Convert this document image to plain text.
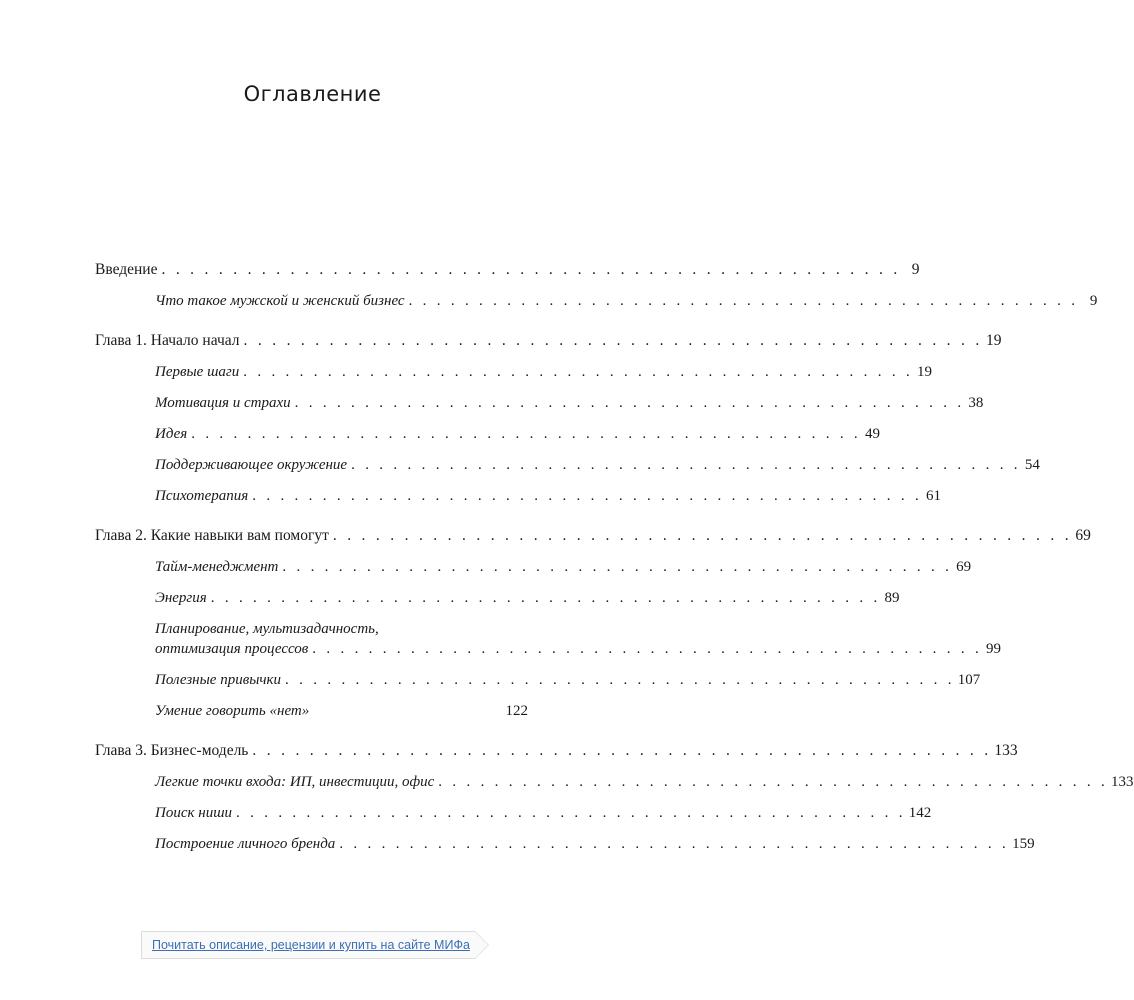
Оглавление
Введение . . . . . . . . . . . . . . . . . . . . . . . . . . . . . . . . . . . . . . . . . . . . . . . . . . . . 9
Что такое мужской и женский бизнес . . . . . . . . . . . . . . . . . . . . . . . . . . . . . . . . . . . . . . . . . . . . . . . . 9
Глава 1. Начало начал . . . . . . . . . . . . . . . . . . . . . . . . . . . . . . . . . . . . . . . . . . . . . . . . . . . . 19
Первые шаги . . . . . . . . . . . . . . . . . . . . . . . . . . . . . . . . . . . . . . . . . . . . . . . . 19
Мотивация и страхи . . . . . . . . . . . . . . . . . . . . . . . . . . . . . . . . . . . . . . . . . . . . . . . . 38
Идея . . . . . . . . . . . . . . . . . . . . . . . . . . . . . . . . . . . . . . . . . . . . . . . . 49
Поддерживающее окружение . . . . . . . . . . . . . . . . . . . . . . . . . . . . . . . . . . . . . . . . . . . . . . . . 54
Психотерапия . . . . . . . . . . . . . . . . . . . . . . . . . . . . . . . . . . . . . . . . . . . . . . . . 61
Глава 2. Какие навыки вам помогут . . . . . . . . . . . . . . . . . . . . . . . . . . . . . . . . . . . . . . . . . . . . . . . . . . . . 69
Тайм-менеджмент . . . . . . . . . . . . . . . . . . . . . . . . . . . . . . . . . . . . . . . . . . . . . . . . 69
Энергия . . . . . . . . . . . . . . . . . . . . . . . . . . . . . . . . . . . . . . . . . . . . . . . . 89
Планирование, мультизадачность,
оптимизация процессов . . . . . . . . . . . . . . . . . . . . . . . . . . . . . . . . . . . . . . . . . . . . . . . . 99
Полезные привычки . . . . . . . . . . . . . . . . . . . . . . . . . . . . . . . . . . . . . . . . . . . . . . . . 107
Умение говорить «нет»	122
Глава 3. Бизнес-модель . . . . . . . . . . . . . . . . . . . . . . . . . . . . . . . . . . . . . . . . . . . . . . . . . . . . 133
Легкие точки входа: ИП, инвестиции, офис . . . . . . . . . . . . . . . . . . . . . . . . . . . . . . . . . . . . . . . . . . . . . . . . 133
Поиск ниши . . . . . . . . . . . . . . . . . . . . . . . . . . . . . . . . . . . . . . . . . . . . . . . . 142
Построение личного бренда . . . . . . . . . . . . . . . . . . . . . . . . . . . . . . . . . . . . . . . . . . . . . . . . 159
Почитать описание, рецензии и купить на сайте МИФа
